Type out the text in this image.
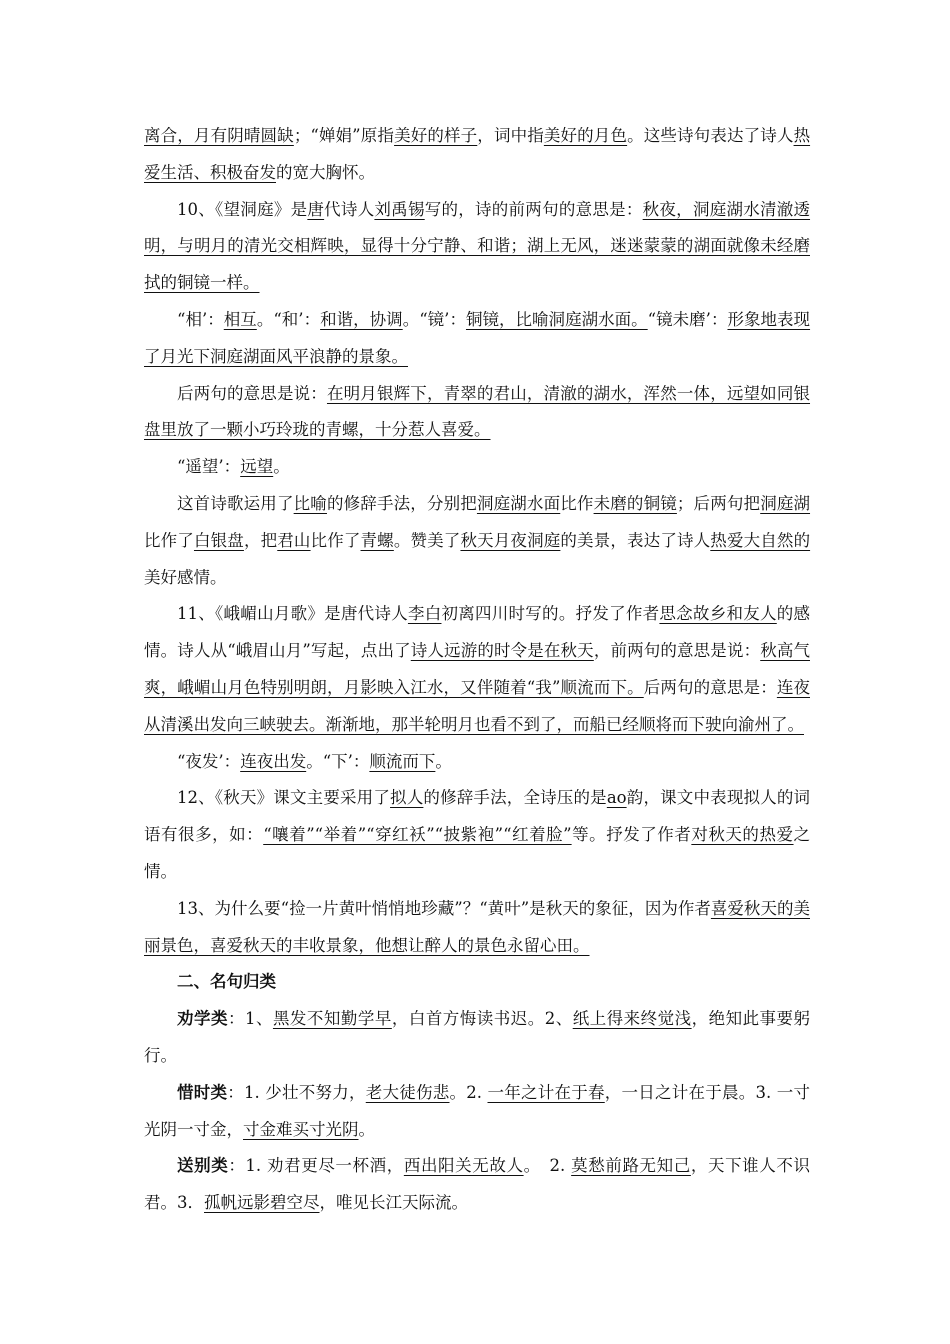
离合，月有阴晴圆缺；“婵娟”原指美好的样子，词中指美好的月色。这些诗句表达了诗人热爱生活、积极奋发的宽大胸怀。

10、《望洞庭》是唐代诗人刘禹锡写的，诗的前两句的意思是：秋夜，洞庭湖水清澈透明，与明月的清光交相辉映，显得十分宁静、和谐；湖上无风，迷迷蒙蒙的湖面就像未经磨拭的铜镜一样。

“相’：相互。“和’：和谐，协调。“镜’：铜镜，比喻洞庭湖水面。“镜未磨’：形象地表现了月光下洞庭湖面风平浪静的景象。

后两句的意思是说：在明月银辉下，青翠的君山，清澈的湖水，浑然一体，远望如同银盘里放了一颗小巧玲珑的青螺，十分惹人喜爱。

“遥望’：远望。

这首诗歌运用了比喻的修辞手法，分别把洞庭湖水面比作未磨的铜镜；后两句把洞庭湖比作了白银盘，把君山比作了青螺。赞美了秋天月夜洞庭的美景，表达了诗人热爱大自然的美好感情。

11、《峨嵋山月歌》是唐代诗人李白初离四川时写的。抒发了作者思念故乡和友人的感情。诗人从“峨眉山月”写起，点出了诗人远游的时令是在秋天，前两句的意思是说：秋高气爽，峨嵋山月色特别明朗，月影映入江水，又伴随着“我”顺流而下。后两句的意思是：连夜从清溪出发向三峡驶去。渐渐地，那半轮明月也看不到了，而船已经顺将而下驶向渝州了。

“夜发’：连夜出发。“下’：顺流而下。

12、《秋天》课文主要采用了拟人的修辞手法，全诗压的是ao韵，课文中表现拟人的词语有很多，如：“嚷着”“举着”“穿红袄”“披紫袍”“红着脸”等。抒发了作者对秋天的热爱之情。

13、为什么要“捡一片黄叶悄悄地珍藏”？“黄叶”是秋天的象征，因为作者喜爱秋天的美丽景色，喜爱秋天的丰收景象，他想让醉人的景色永留心田。

二、名句归类

劝学类：1、黑发不知勤学早，白首方悔读书迟。2、纸上得来终觉浅，绝知此事要躬行。

惜时类：1. 少壮不努力，老大徒伤悲。2. 一年之计在于春，一日之计在于晨。3. 一寸光阴一寸金，寸金难买寸光阴。

送别类：1. 劝君更尽一杯酒，西出阳关无故人。　2. 莫愁前路无知己，天下谁人不识君。3．孤帆远影碧空尽，唯见长江天际流。
